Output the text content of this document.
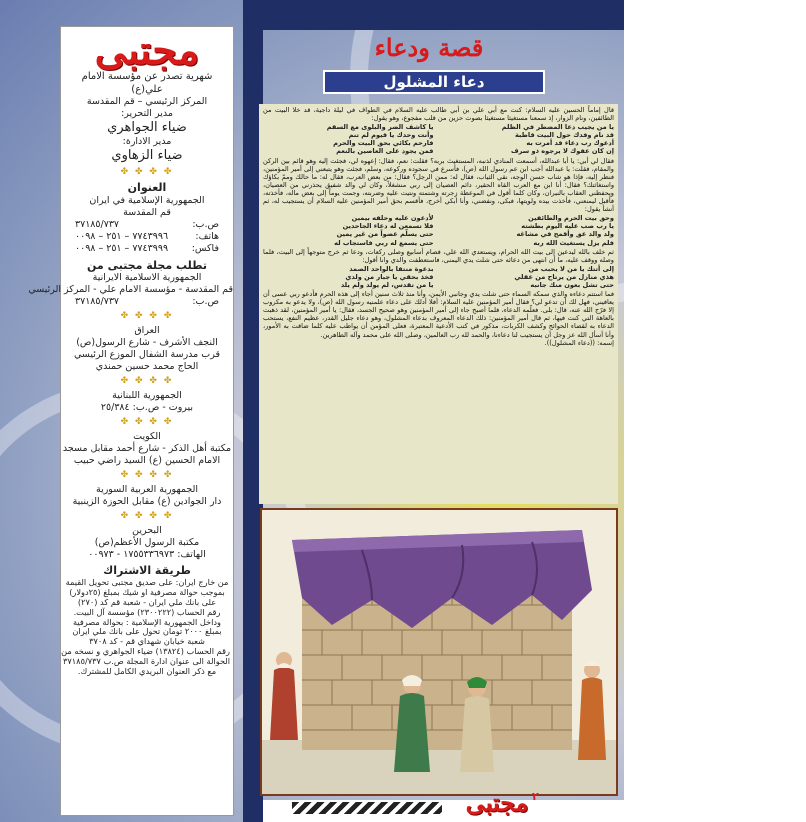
مجتبى
شهرية تصدر عن مؤسسة الامام علي(ع)
المركز الرئيسي – قم المقدسة
مدير التحرير:
ضياء الجواهري
مدير الادارة:
ضياء الزهاوي
✤ ✤ ✤ ✤
العنوان
الجمهورية الإسلامية في ايران
قم المقدسة
ص.ب:
٣٧١٨٥/٧٣٧
هاتف:
٧٧٤٣٩٩٦ – ٢٥١ – ٠٠٩٨
فاكس:
٧٧٤٣٩٩٩ – ٢٥١ – ٠٠٩٨
تطلب مجلة مجتبى من
الجمهورية الاسلامية الايرانية
قم المقدسة - مؤسسة الامام علي - المركز الرئيسي
ص.ب:
٣٧١٨٥/٧٣٧
✤ ✤ ✤ ✤
العراق
النجف الأشرف - شارع الرسول(ص)
قرب مدرسة الشفال الموزع الرئيسي
الحاج محمد حسين حمندي
✤ ✤ ✤ ✤
الجمهورية اللبنانية
بيروت - ص.ب: ٢٥/٣٨٤
✤ ✤ ✤ ✤
الكويت
مكتبة أهل الذكر - شارع أحمد مقابل مسجد
الامام الحسين (ع) السيد راضي حبيب
✤ ✤ ✤ ✤
الجمهورية العربية السورية
دار الجوادين (ع) مقابل الحوزة الزينبية
✤ ✤ ✤ ✤
البحرين
مكتبة الرسول الأعظم(ص)
الهاتف: ١٧٥٥٣٣٦٩٧٣ - ٠٠٩٧٣
طريقة الاشتراك
من خارج ايران: على صديق مجتبى تحويل القيمة
بموجب حوالة مصرفية او شيك بمبلغ (٢٥دولار)
على بانك ملي ايران - شعبة قم كد (٢٧٠)
رقم الحساب (٢٣٠٠٢٢٢) مؤسسة آل البيت.
وداخل الجمهورية الإسلامية : بحوالة مصرفية
بمبلغ ٢٠٠٠ تومان تحول على بانك ملي ايران
شعبة خيابان شهداي قم - كد ٣٧٠٨
رقم الحساب (١٣٨٢٤) ضياء الجواهري و نسخه من
الحوالة الى عنوان ادارة المجلة ص.ب ٣٧١٨٥/٧٣٧
مع ذكر العنوان البريدي الكامل للمشترك.
قصة ودعاء
دعاء المشلول

قال إماماً الحسين عليه السلام: كنت مع أبي علي بن أبي طالب عليه السلام في الطواف في ليلة داجية، قد خلا البيت من الطائفين، ونام الزوار، إذ سمعنا مستغيثا مستغيثا بصوت حزين من قلب مفجوع، وهو يقول:

يا من يجيب دعا المضطر في الظلم
يا كاشف الضر والبلوى مع السقم
قد نام وفدك حول البيت قاطبة
وأنت وحدك يا قيوم لم تنم
أدعوك رب دعاء قد أمرت به
فارحم بكائي بحق البيت والحرم
إن كان عفوك لا يرجوه ذو سرف
فمن يجود على العاصين بالنعم

فقال لي أبي: يا أبا عبدالله، أسمعت المنادي لذنبه، المستغيث بربه؟ فقلت: نعم، فقال: إعهوه لي، فجئت إليه وهو قائم بين الركن والمقام، فقلت: يا عبدالله أجب ابن عم رسول الله (ص)، فأسرع في سجوده وركوعه، وسلم، فجئت وهو يتبعني إلى أمير المؤمنين، فنظر إليه، فإذا هو شاب حسن الوجه، نقي الثياب، فقال له: ممن الرجل؟ فقال: من بعض العرب، فقال له: ما حالك وممّ بكاؤك واستغاثتك؟ فقال: أنا ابن مع العرب القاه الحقير، دائم العصيان إلى ربي منشغلاً، وكان لي والد شفيق يحذرني من العصيان، ويحفظني العقاب بالنيران، وكان كلما أقول في الموعظة زجرته وشتمته ونتيت عليه وضربته، وجمت يوماً إلى بعض ماله، فأخذته، فأقبل ليمنعني، فأخذت بيده ولويتها، فبكى، ونفضني، وأنا أبكي أخرج، فأقسم بحق أمير المؤمنين عليه السلام أن يستجيب له، ثم أنشأ يقول:

وحق بيت الحرم والطائفين
لأدعون عليه وحلفه بيمين
يا رب صب عليه اليوم بطشته
فلا تسمعن له دعاء الجاحدين
ولد والد عق وأقمح في مشاغه
حتى يسلّم عضواً من غير يمين
فلم يزل يستغيث الله ربه
حتى يسمع له ربي فاستجاب له

ثم خلف بالله ليدعين إلى بيت الله الحرام، ويستعدي الله علي، فصام أسابيع وصلى ركعات، ودعا ثم خرج متوجهاً إلى البيت، فلما وصله ووقف عليه، ما أن انتهى من دعائه حتى شلت يدي اليمنى، فاستعطفت والدي وانا أقول:

إلى أتتك يا من لا يحبب من
بدعوة منتفا بالواحد الصمد
هذي منازل من يرتاح من عقلي
فخذ بحقي يا جبار من ولدي
حتى تشل بعون منك جانبه
يا من تقدس، لم يولد ولم يلد

فما استتم دعاءه والذي سمكه السماء حتى شلت يدي وجانبي الأيمن، وأنا منذ ثلاث سنين أجاء إلى هذه الحرم فأدعو ربي عسى أن يعافيني، فهل لك أن تدعو لي؟ فقال أمير المؤمنين عليه السلام: أفلا أدلك على دعاء علمنيه رسول الله (ص)، ولا يدعو به مكروب إلا فرّج الله عنه، قال: بلى. فعلّمه الدعاء، فلما أصبح جاء إلى أمير المؤمنين وهو صحيح الجسد، فقال: يا أمير المؤمنين، لقد ذهبت بالعاهة التي كنت فيها، ثم قال أمير المؤمنين: ذلك الدعاء المعروف بدعاء المشلول، وهو دعاء جليل القدر، عظيم النفع، يستحب الدعاء به لقضاء الحوائج وكشف الكربات، مذكور في كتب الأدعية المعتبرة، فعلى المؤمن أن يواظب عليه كلما ضاقت به الأمور، وأنا أسأل الله عز وجل أن يستجيب لنا دعاءنا، والحمد لله رب العالمين، وصلى الله على محمد وآله الطاهرين.

إسمه: ((دعاء المشلول)).

مجتبى ٢
